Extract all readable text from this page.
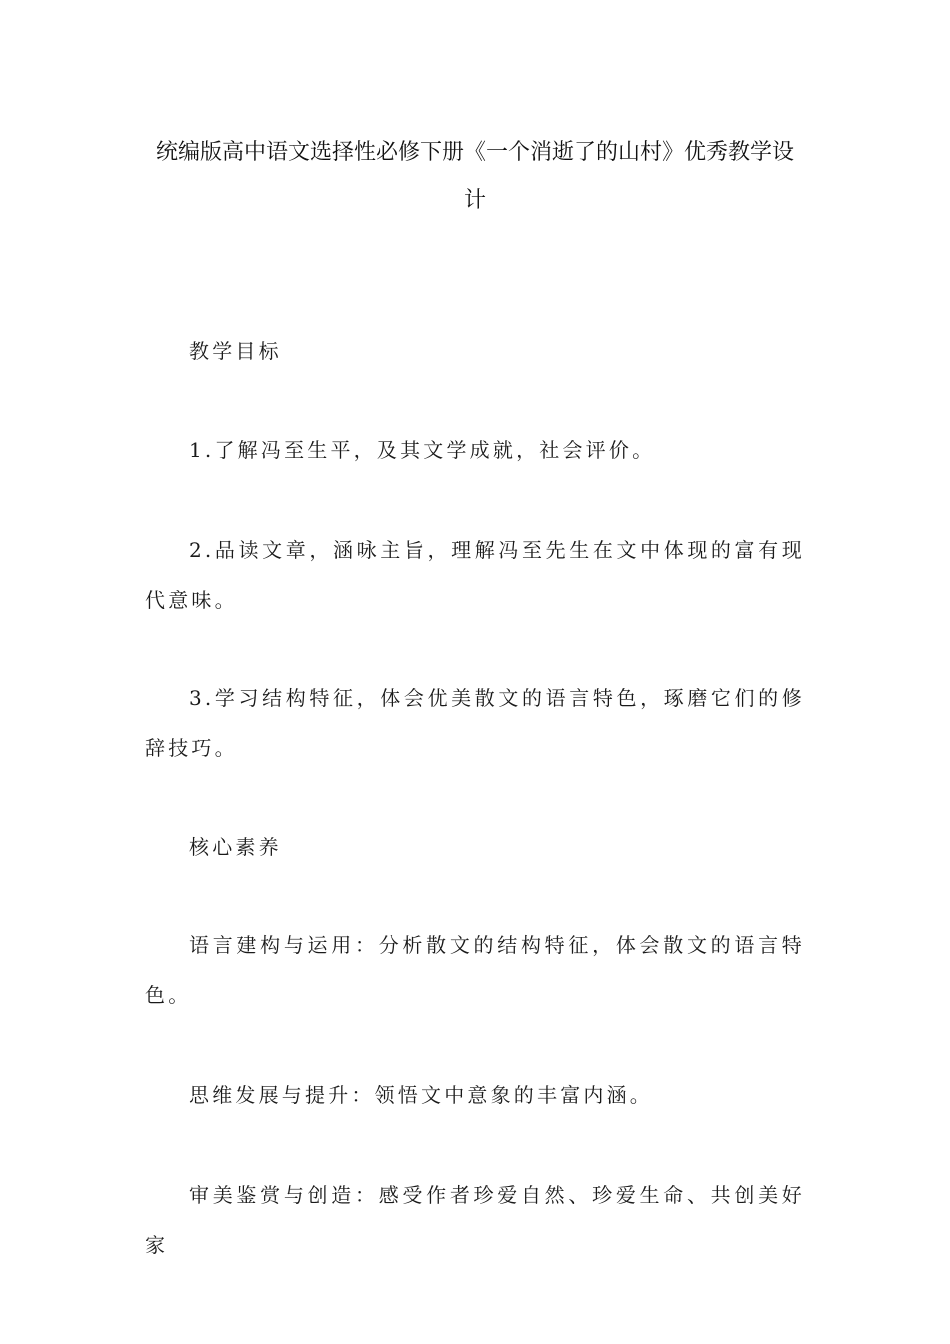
统编版高中语文选择性必修下册《一个消逝了的山村》优秀教学设
计

教学目标

1.了解冯至生平，及其文学成就，社会评价。

2.品读文章，涵咏主旨，理解冯至先生在文中体现的富有现代意味。

3.学习结构特征，体会优美散文的语言特色，琢磨它们的修辞技巧。

核心素养

语言建构与运用：分析散文的结构特征，体会散文的语言特色。

思维发展与提升：领悟文中意象的丰富内涵。

审美鉴赏与创造：感受作者珍爱自然、珍爱生命、共创美好家
